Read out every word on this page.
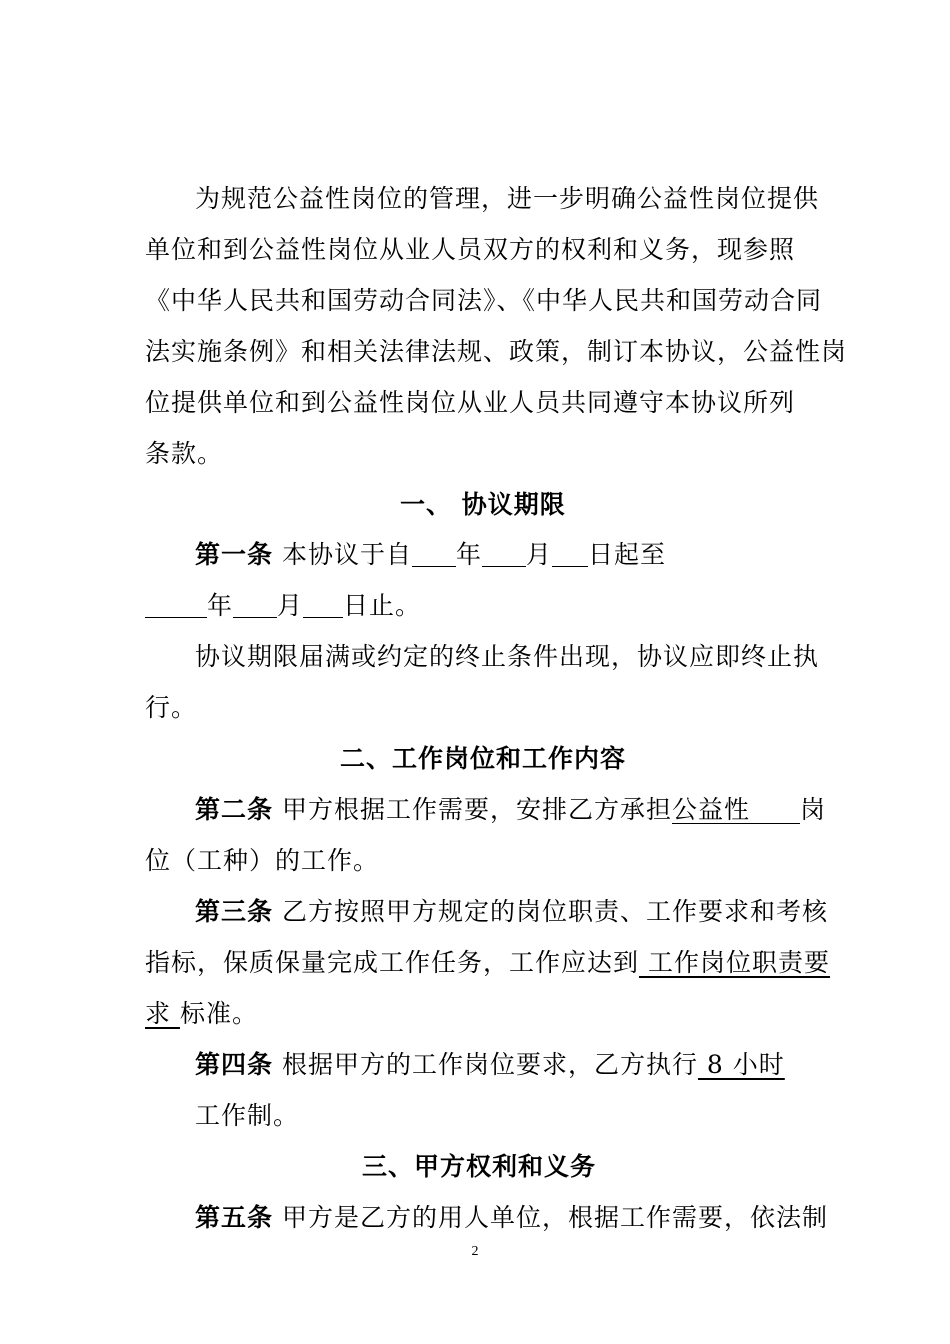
为规范公益性岗位的管理，进一步明确公益性岗位提供
单位和到公益性岗位从业人员双方的权利和义务，现参照
《中华人民共和国劳动合同法》、《中华人民共和国劳动合同
法实施条例》和相关法律法规、政策，制订本协议，公益性岗
位提供单位和到公益性岗位从业人员共同遵守本协议所列
条款。
一、 协议期限
第一条 本协议于自 年 月 日起至
年 月 日止。
协议期限届满或约定的终止条件出现，协议应即终止执
行。
二、工作岗位和工作内容
第二条 甲方根据工作需要，安排乙方承担公益性 岗
位（工种）的工作。
第三条 乙方按照甲方规定的岗位职责、工作要求和考核
指标，保质保量完成工作任务，工作应达到 工作岗位职责要
求 标准。
第四条 根据甲方的工作岗位要求，乙方执行 8 小时
工作制。
三、甲方权利和义务
第五条 甲方是乙方的用人单位，根据工作需要，依法制
2
